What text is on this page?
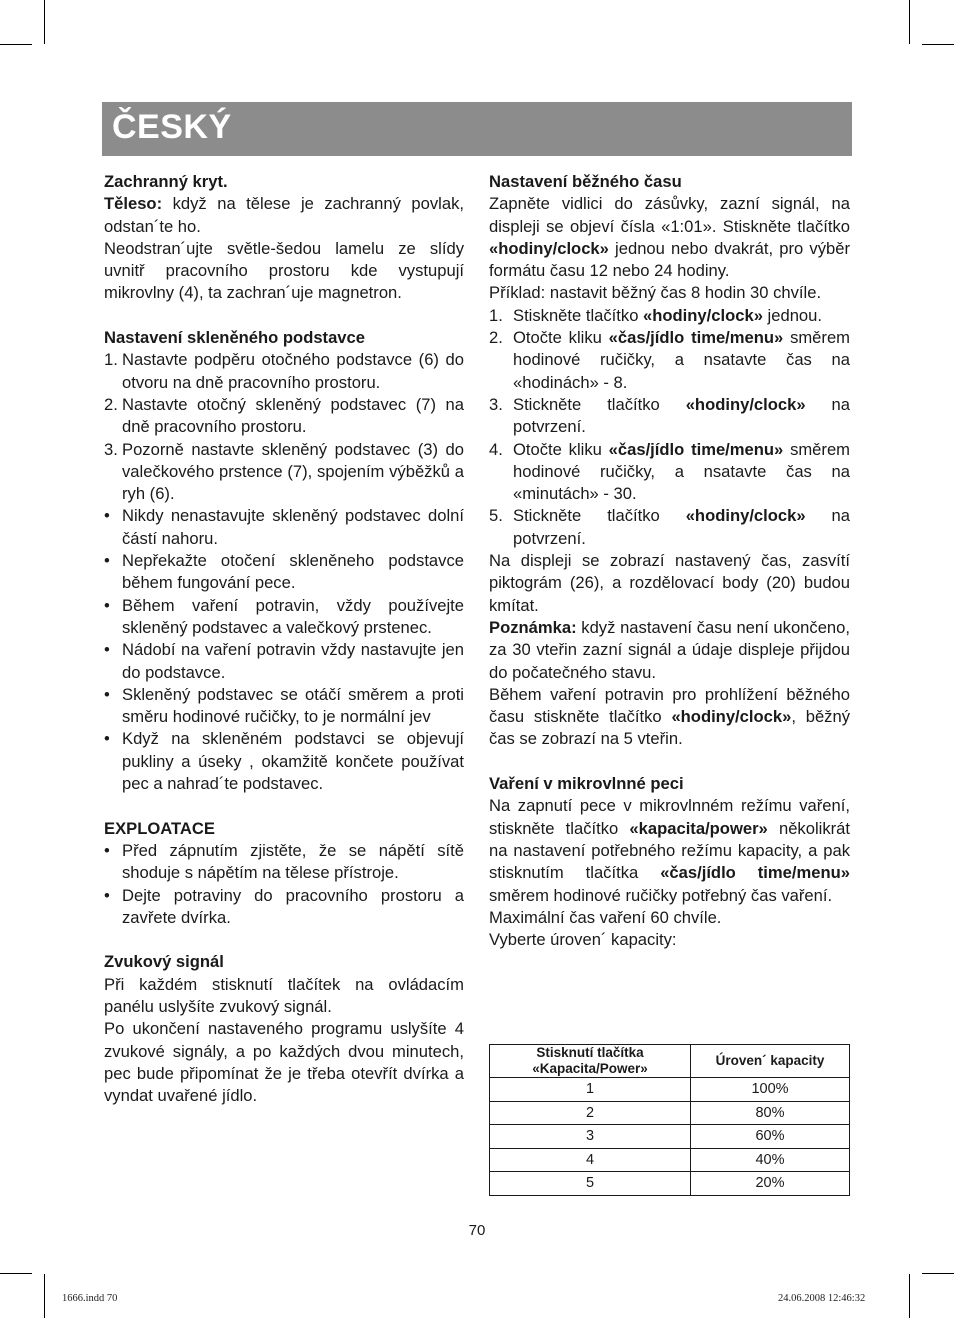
ČESKÝ

Zachranný kryt.

Těleso: když na tělese je zachranný povlak, odstan´te ho.

Neodstran´ujte světle-šedou lamelu ze slídy uvnitř pracovního prostoru kde vystupují mikrovlny (4), ta zachran´uje magnetron.

Nastavení skleněného podstavce

1. Nastavte podpěru otočného podstavce (6) do otvoru na dně pracovního prostoru.

2. Nastavte otočný skleněný podstavec (7) na dně pracovního prostoru.

3. Pozorně nastavte skleněný podstavec (3) do valečkového prstence (7), spojením výběžků a ryh (6).

• Nikdy nenastavujte skleněný podstavec dolní částí nahoru.

• Nepřekažte otočení skleněneho podstavce během fungování pece.

• Během vaření potravin, vždy používejte skleněný podstavec a valečkový prstenec.

• Nádobí na vaření potravin vždy nastavujte jen do podstavce.

• Skleněný podstavec se otáčí směrem a proti směru hodinové ručičky, to je normální jev

• Když na skleněném podstavci se objevují pukliny a úseky , okamžitě končete používat pec a nahrad´te podstavec.

EXPLOATACE

• Před zápnutím zjistěte, že se nápětí sítě shoduje s nápětím na tělese přístroje.

• Dejte potraviny do pracovního prostoru a zavřete dvírka.

Zvukový signál

Při každém stisknutí tlačítek na ovládacím panélu uslyšíte zvukový signál.

Po ukončení nastaveného programu uslyšíte 4 zvukové signály, a po každých dvou minutech, pec bude připomínat že je třeba otevřít dvírka a vyndat uvařené jídlo.

Nastavení běžného času

Zapněte vidlici do zásůvky, zazní signál, na displeji se objeví čísla «1:01». Stiskněte tlačítko «hodiny/clock» jednou nebo dvakrát, pro výběr formátu času 12 nebo 24 hodiny.

Příklad: nastavit běžný čas 8 hodin 30 chvíle.

1. Stiskněte tlačítko «hodiny/clock» jednou.

2. Otočte kliku «čas/jídlo time/menu» směrem hodinové ručičky, a nsatavte čas na «hodinách» - 8.

3. Stickněte tlačítko «hodiny/clock» na potvrzení.

4. Otočte kliku «čas/jídlo time/menu» směrem hodinové ručičky, a nsatavte čas na «minutách» - 30.

5. Stickněte tlačítko «hodiny/clock» na potvrzení.

Na displeji se zobrazí nastavený čas, zasvítí piktográm (26), a rozdělovací body (20) budou kmítat.

Poznámka: když nastavení času není ukončeno, za 30 vteřin zazní signál a údaje displeje přijdou do počatečného stavu.

Během vaření potravin pro prohlížení běžného času stiskněte tlačítko «hodiny/clock», běžný čas se zobrazí na 5 vteřin.

Vaření v mikrovlnné peci

Na zapnutí pece v mikrovlnném režímu vaření, stiskněte tlačítko «kapacita/power» několikrát na nastavení potřebného režímu kapacity, a pak stisknutím tlačítka «čas/jídlo time/menu» směrem hodinové ručičky potřebný čas vaření.

Maximální čas vaření 60 chvíle.

Vyberte úroven´ kapacity:

Stisknutí tlačítka
«Kapacita/Power»	Úroven´ kapacity
1	100%
2	80%
3	60%
4	40%
5	20%
70
1666.indd 70	24.06.2008 12:46:32
